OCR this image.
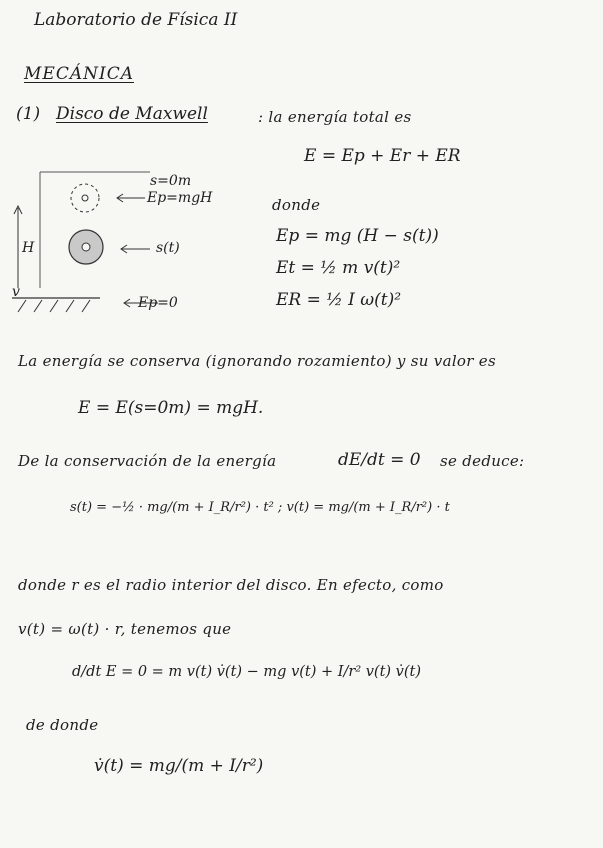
Laboratorio de Física II
MECÁNICA
(1) Disco de Maxwell	: la energía total es
E = Ep + Er + ER
s=0m
Ep=mgH
s(t)
H
v
Ep=0
donde
Ep = mg (H − s(t))
Et = ½ m v(t)²
ER = ½ I ω(t)²
La energía se conserva (ignorando rozamiento) y su valor es
E = E(s=0m) = mgH.
De la conservación de la energía	dE/dt = 0 se deduce:
s(t) = −½ · mg/(m + I_R/r²) · t² ; v(t) = mg/(m + I_R/r²) · t
donde r es el radio interior del disco. En efecto, como
v(t) = ω(t) · r, tenemos que
d/dt E = 0 = m v(t) v̇(t) − mg v(t) + I/r² v(t) v̇(t)
de donde
v̇(t) = mg/(m + I/r²)
